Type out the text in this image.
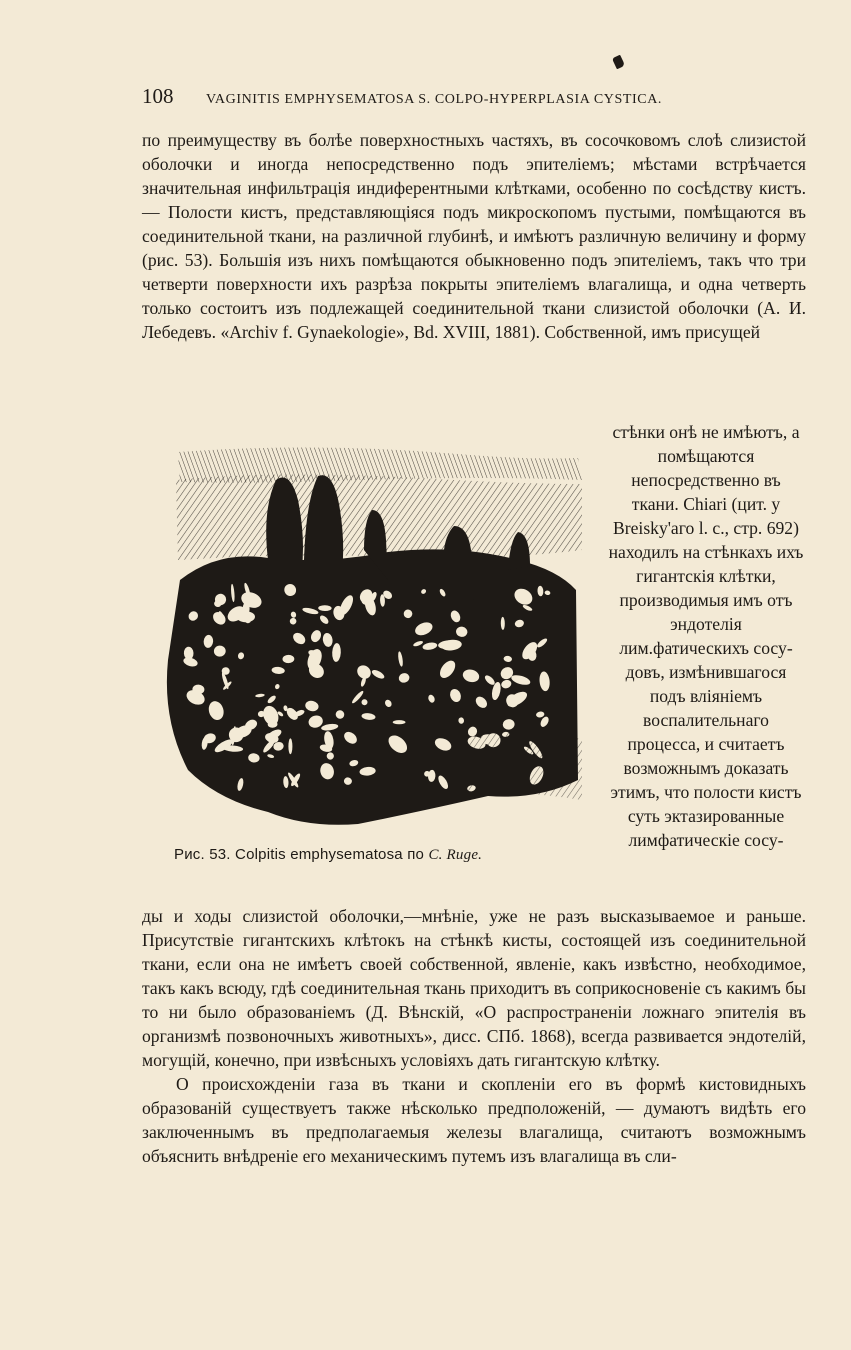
108	VAGINITIS EMPHYSEMATOSA S. COLPO-HYPERPLASIA CYSTICA.

по преимуществу въ болѣе поверхностныхъ частяхъ, въ сосочковомъ слоѣ слизистой оболочки и иногда непосредственно подъ эпителіемъ; мѣстами встрѣчается значительная инфильтрація индиферентными клѣтками, особенно по сосѣдству кистъ. — Полости кистъ, представляющіяся подъ микроскопомъ пустыми, помѣщаются въ соединительной ткани, на различной глубинѣ, и имѣютъ различную величину и форму (рис. 53). Большія изъ нихъ помѣщаются обыкновенно подъ эпителіемъ, такъ что три четверти поверхности ихъ разрѣза покрыты эпителіемъ влагалища, и одна четверть только состоитъ изъ подлежащей соединительной ткани слизистой оболочки (А. И. Лебедевъ. «Archiv f. Gynaekologie», Bd. XVIII, 1881). Собственной, имъ присущей

Рис. 53. Colpitis emphysematosa по C. Ruge.

стѣнки онѣ не имѣютъ, а помѣщаются непосредственно въ ткани. Chiari (цит. у Breisky'аго l. c., стр. 692) находилъ на стѣнкахъ ихъ гигантскія клѣтки, производимыя имъ отъ эндотелія лим.фатическихъ сосудовъ, измѣнившагося подъ вліяніемъ воспалительнаго процесса, и считаетъ возможнымъ доказать этимъ, что полости кистъ суть эктазированные лимфатическіе сосу-

ды и ходы слизистой оболочки,—мнѣніе, уже не разъ высказываемое и раньше. Присутствіе гигантскихъ клѣтокъ на стѣнкѣ кисты, состоящей изъ соединительной ткани, если она не имѣетъ своей собственной, явленіе, какъ извѣстно, необходимое, такъ какъ всюду, гдѣ соединительная ткань приходитъ въ соприкосновеніе съ какимъ бы то ни было образованіемъ (Д. Вѣнскій, «О распространеніи ложнаго эпителія въ организмѣ позвоночныхъ животныхъ», дисс. СПб. 1868), всегда развивается эндотелій, могущій, конечно, при извѣсныхъ условіяхъ дать гигантскую клѣтку.

О происхожденіи газа въ ткани и скопленіи его въ формѣ кистовидныхъ образованій существуетъ также нѣсколько предположеній, — думаютъ видѣть его заключеннымъ въ предполагаемыя железы влагалища, считаютъ возможнымъ объяснить внѣдреніе его механическимъ путемъ изъ влагалища въ сли-
